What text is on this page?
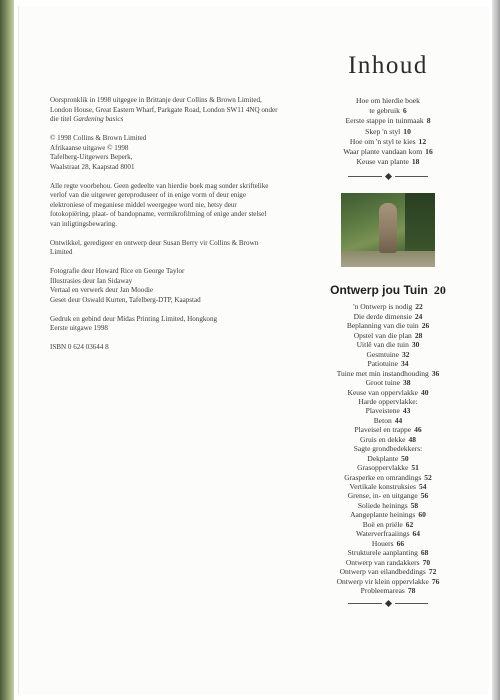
Oorspronklik in 1998 uitgegee in Brittanje deur Collins & Brown Limited, London House, Great Eastern Wharf, Parkgate Road, London SW11 4NQ onder die titel Gardening basics

© 1998 Collins & Brown Limited
Afrikaanse uitgawe © 1998
Tafelberg-Uitgewers Beperk,
Waalstraat 28, Kaapstad 8001

Alle regte voorbehou. Geen gedeelte van hierdie boek mag sonder skriftelike verlof van die uitgewer gereproduseer of in enige vorm of deur enige elektroniese of meganiese middel weergegee word nie, hetsy deur fotokopiëring, plaat- of bandopname, vermikrofilming of enige ander stelsel van inligtingsbewaring.

Ontwikkel, geredigeer en ontwerp deur Susan Berry vir Collins & Brown Limited

Fotografie deur Howard Rice en George Taylor
Illustrasies deur Ian Sidaway
Vertaal en verwerk deur Jan Moodie
Geset deur Oswald Kurten, Tafelberg-DTP, Kaapstad

Gedruk en gebind deur Midas Printing Limited, Hongkong
Eerste uitgawe 1998

ISBN 0 624 03644 8

Inhoud
Hoe om hierdie boek
te gebruik 6
Eerste stappe in tuinmaak 8
Skep 'n styl 10
Hoe om 'n styl te kies 12
Waar plante vandaan kom 16
Keuse van plante 18
Ontwerp jou Tuin 20
'n Ontwerp is nodig 22
Die derde dimensie 24
Beplanning van die tuin 26
Opstel van die plan 28
Uitlê van die tuin 30
Gesmtuine 32
Patiotuine 34
Tuine met min instandhouding 36
Groot tuine 38
Keuse van oppervlakke 40
Harde oppervlakke:
Plaveistene 43
Beton 44
Plaveisel en trappe 46
Gruis en dekke 48
Sagte grondbedekkers:
Dekplante 50
Grasoppervlakke 51
Grasperke en omrandings 52
Vertikale konstruksies 54
Grense, in- en uitgange 56
Soliede heinings 58
Aangeplante heinings 60
Boë en priële 62
Waterverfraaiings 64
Houers 66
Strukturele aanplanting 68
Ontwerp van randakkers 70
Ontwerp van eilandbeddings 72
Ontwerp vir klein oppervlakke 76
Probleemareas 78
